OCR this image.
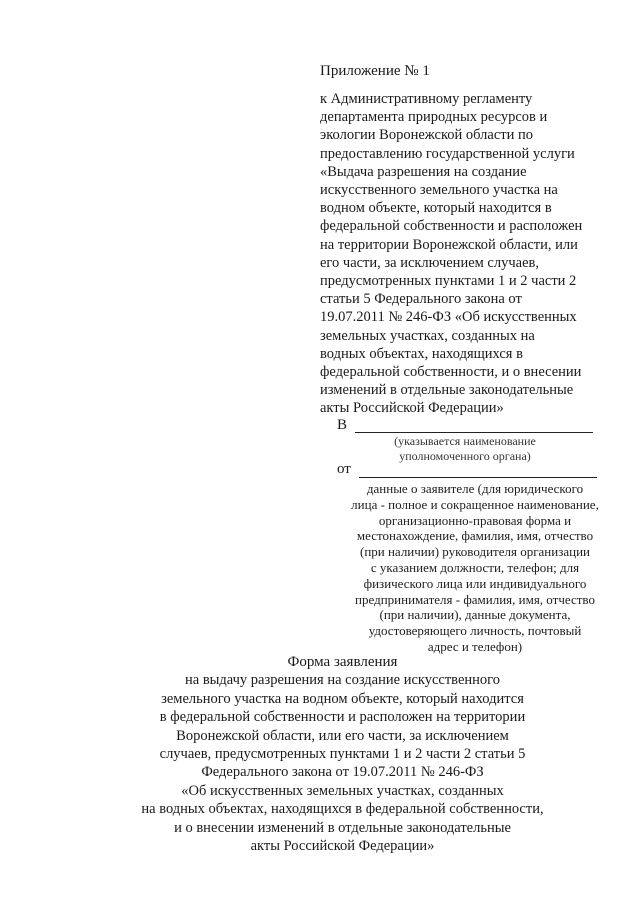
Приложение № 1
к Административному регламенту
департамента природных ресурсов и
экологии Воронежской области по
предоставлению государственной услуги
«Выдача разрешения на создание
искусственного земельного участка на
водном объекте, который находится в
федеральной собственности и расположен
на территории Воронежской области, или
его части, за исключением случаев,
предусмотренных пунктами 1 и 2 части 2
статьи 5 Федерального закона от
19.07.2011 № 246-ФЗ «Об искусственных
земельных участках, созданных на
водных объектах, находящихся в
федеральной собственности, и о внесении
изменений в отдельные законодательные
акты Российской Федерации»
В
(указывается наименование
уполномоченного органа)
от
данные о заявителе (для юридического
лица - полное и сокращенное наименование,
организационно-правовая форма и
местонахождение, фамилия, имя, отчество
(при наличии) руководителя организации
с указанием должности, телефон; для
физического лица или индивидуального
предпринимателя - фамилия, имя, отчество
(при наличии), данные документа,
удостоверяющего личность, почтовый
адрес и телефон)
Форма заявления
на выдачу разрешения на создание искусственного
земельного участка на водном объекте, который находится
в федеральной собственности и расположен на территории
Воронежской области, или его части, за исключением
случаев, предусмотренных пунктами 1 и 2 части 2 статьи 5
Федерального закона от 19.07.2011 № 246-ФЗ
«Об искусственных земельных участках, созданных
на водных объектах, находящихся в федеральной собственности,
и о внесении изменений в отдельные законодательные
акты Российской Федерации»
